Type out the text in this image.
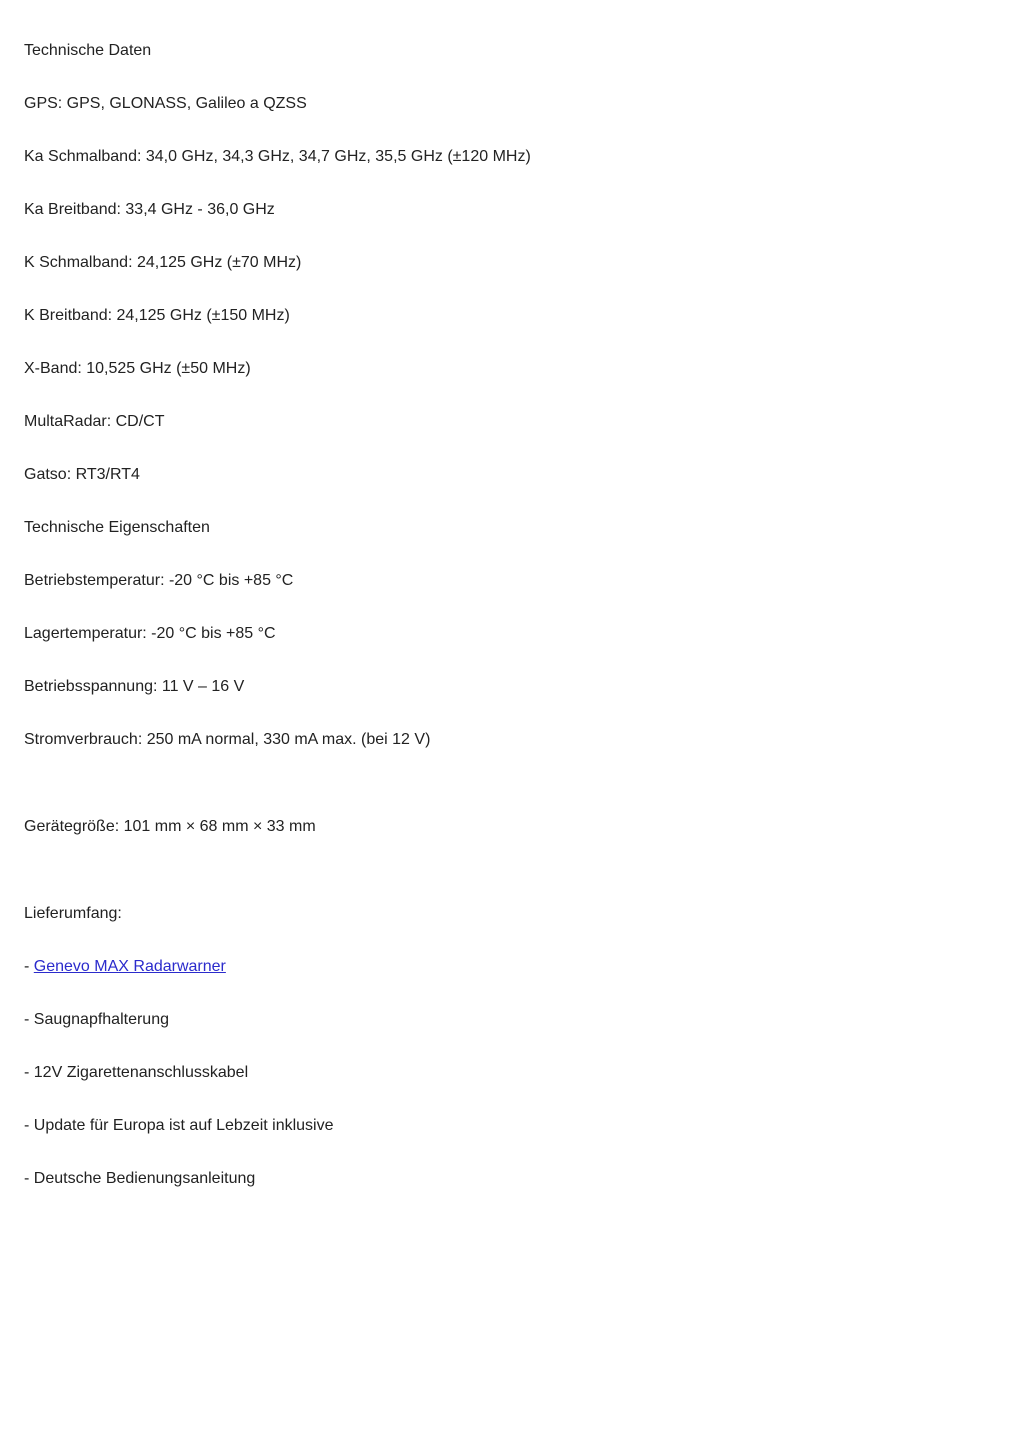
Technische Daten
GPS: GPS, GLONASS, Galileo a QZSS
Ka Schmalband: 34,0 GHz, 34,3 GHz, 34,7 GHz, 35,5 GHz (±120 MHz)
Ka Breitband: 33,4 GHz - 36,0 GHz
K Schmalband: 24,125 GHz (±70 MHz)
K Breitband: 24,125 GHz (±150 MHz)
X-Band: 10,525 GHz (±50 MHz)
MultaRadar: CD/CT
Gatso: RT3/RT4
Technische Eigenschaften
Betriebstemperatur: -20 °C bis +85 °C
Lagertemperatur: -20 °C bis +85 °C
Betriebsspannung: 11 V – 16 V
Stromverbrauch: 250 mA normal, 330 mA max. (bei 12 V)
Gerätegröße: 101 mm × 68 mm × 33 mm
Lieferumfang:
- Genevo MAX Radarwarner
- Saugnapfhalterung
- 12V Zigarettenanschlusskabel
- Update für Europa ist auf Lebzeit inklusive
- Deutsche Bedienungsanleitung
